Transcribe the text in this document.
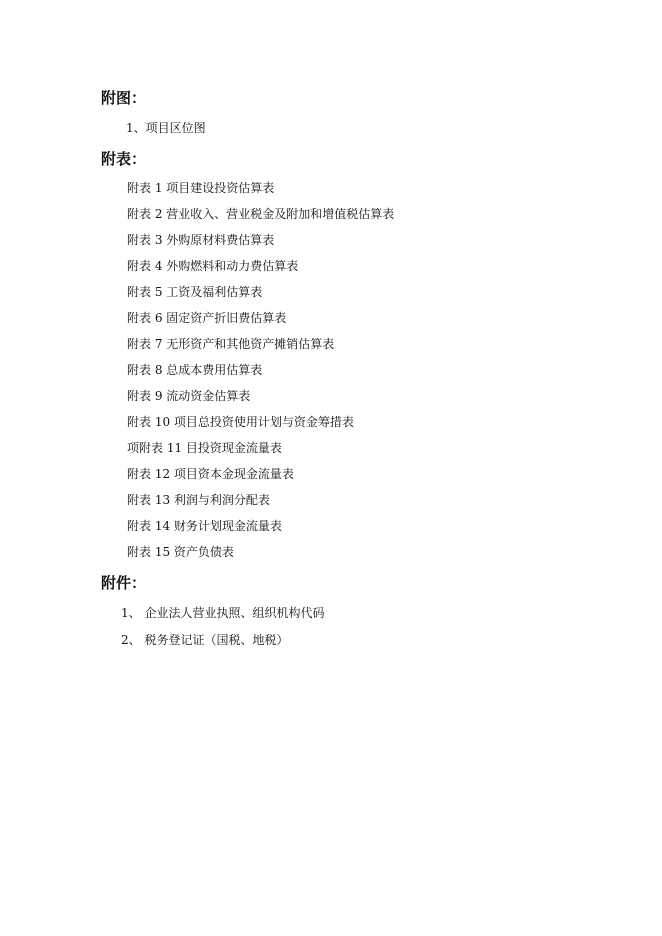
附图：
1、项目区位图
附表：
附表 1 项目建设投资估算表
附表 2 营业收入、营业税金及附加和增值税估算表
附表 3 外购原材料费估算表
附表 4 外购燃料和动力费估算表
附表 5 工资及福利估算表
附表 6 固定资产折旧费估算表
附表 7 无形资产和其他资产摊销估算表
附表 8 总成本费用估算表
附表 9 流动资金估算表
附表 10 项目总投资使用计划与资金筹措表
项附表 11 目投资现金流量表
附表 12 项目资本金现金流量表
附表 13 利润与利润分配表
附表 14 财务计划现金流量表
附表 15 资产负债表
附件：
1、 企业法人营业执照、组织机构代码
2、 税务登记证（国税、地税）
